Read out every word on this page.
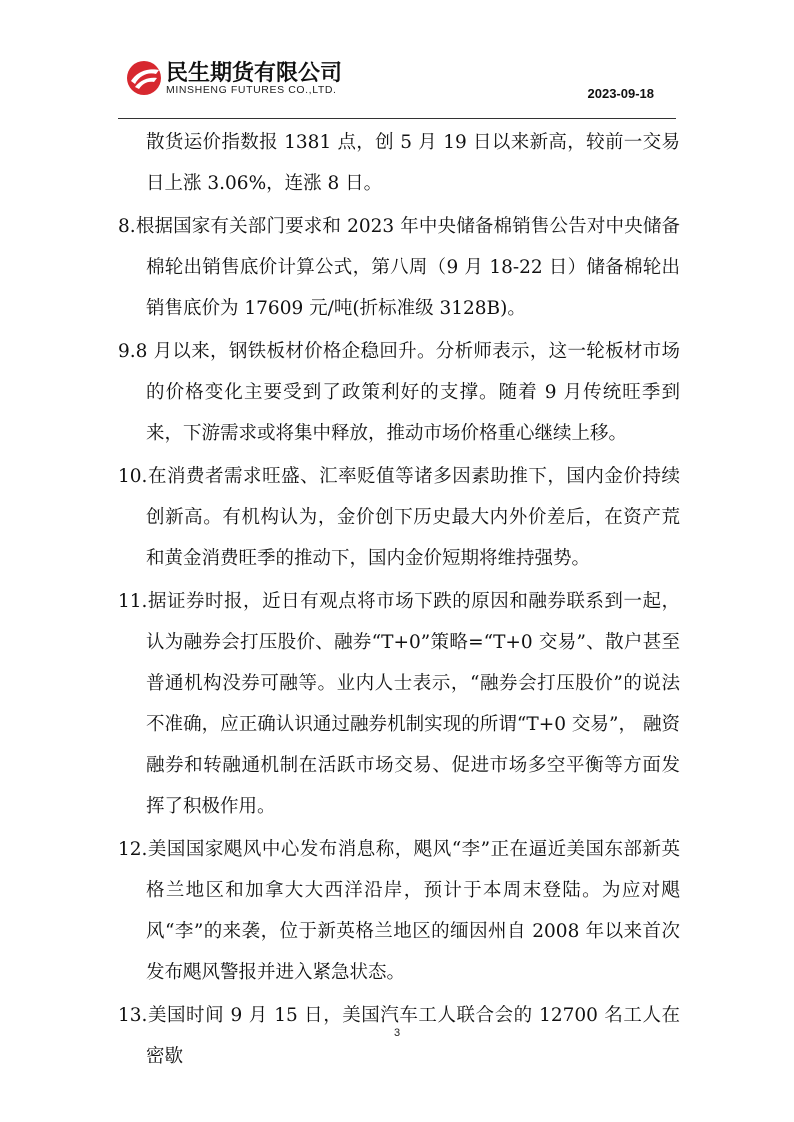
民生期货有限公司
MINSHENG FUTURES CO.,LTD.	2023-09-18

散货运价指数报 1381 点，创 5 月 19 日以来新高，较前一交易日上涨 3.06%，连涨 8 日。

8.根据国家有关部门要求和 2023 年中央储备棉销售公告对中央储备棉轮出销售底价计算公式，第八周（9 月 18-22 日）储备棉轮出销售底价为 17609 元/吨(折标准级 3128B)。

9.8 月以来，钢铁板材价格企稳回升。分析师表示，这一轮板材市场的价格变化主要受到了政策利好的支撑。随着 9 月传统旺季到来，下游需求或将集中释放，推动市场价格重心继续上移。

10.在消费者需求旺盛、汇率贬值等诸多因素助推下，国内金价持续创新高。有机构认为，金价创下历史最大内外价差后，在资产荒和黄金消费旺季的推动下，国内金价短期将维持强势。

11.据证券时报，近日有观点将市场下跌的原因和融券联系到一起，认为融券会打压股价、融券“T+0”策略=“T+0 交易”、散户甚至普通机构没券可融等。业内人士表示，“融券会打压股价”的说法不准确，应正确认识通过融券机制实现的所谓“T+0 交易”， 融资融券和转融通机制在活跃市场交易、促进市场多空平衡等方面发挥了积极作用。

12.美国国家飓风中心发布消息称，飓风“李”正在逼近美国东部新英格兰地区和加拿大大西洋沿岸，预计于本周末登陆。为应对飓风“李”的来袭，位于新英格兰地区的缅因州自 2008 年以来首次发布飓风警报并进入紧急状态。

13.美国时间 9 月 15 日，美国汽车工人联合会的 12700 名工人在密歇

3
